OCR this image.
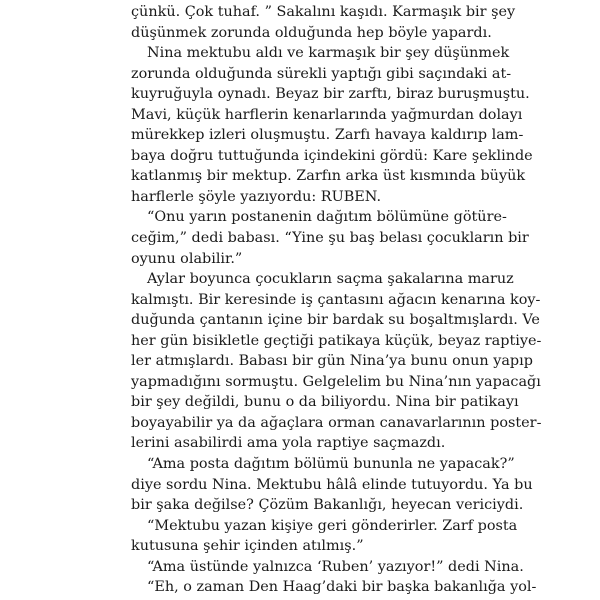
çünkü. Çok tuhaf. ” Sakalını kaşıdı. Karmaşık bir şey
düşünmek zorunda olduğunda hep böyle yapardı.
Nina mektubu aldı ve karmaşık bir şey düşünmek
zorunda olduğunda sürekli yaptığı gibi saçındaki at-
kuyruğuyla oynadı. Beyaz bir zarftı, biraz buruşmuştu.
Mavi, küçük harflerin kenarlarında yağmurdan dolayı
mürekkep izleri oluşmuştu. Zarfı havaya kaldırıp lam-
baya doğru tuttuğunda içindekini gördü: Kare şeklinde
katlanmış bir mektup. Zarfın arka üst kısmında büyük
harflerle şöyle yazıyordu: RUBEN.
“Onu yarın postanenin dağıtım bölümüne götüre-
ceğim,” dedi babası. “Yine şu baş belası çocukların bir
oyunu olabilir.”
Aylar boyunca çocukların saçma şakalarına maruz
kalmıştı. Bir keresinde iş çantasını ağacın kenarına koy-
duğunda çantanın içine bir bardak su boşaltmışlardı. Ve
her gün bisikletle geçtiği patikaya küçük, beyaz raptiye-
ler atmışlardı. Babası bir gün Nina’ya bunu onun yapıp
yapmadığını sormuştu. Gelgelelim bu Nina’nın yapacağı
bir şey değildi, bunu o da biliyordu. Nina bir patikayı
boyayabilir ya da ağaçlara orman canavarlarının poster-
lerini asabilirdi ama yola raptiye saçmazdı.
“Ama posta dağıtım bölümü bununla ne yapacak?”
diye sordu Nina. Mektubu hâlâ elinde tutuyordu. Ya bu
bir şaka değilse? Çözüm Bakanlığı, heyecan vericiydi.
“Mektubu yazan kişiye geri gönderirler. Zarf posta
kutusuna şehir içinden atılmış.”
“Ama üstünde yalnızca ‘Ruben’ yazıyor!” dedi Nina.
“Eh, o zaman Den Haag’daki bir başka bakanlığa yol-
